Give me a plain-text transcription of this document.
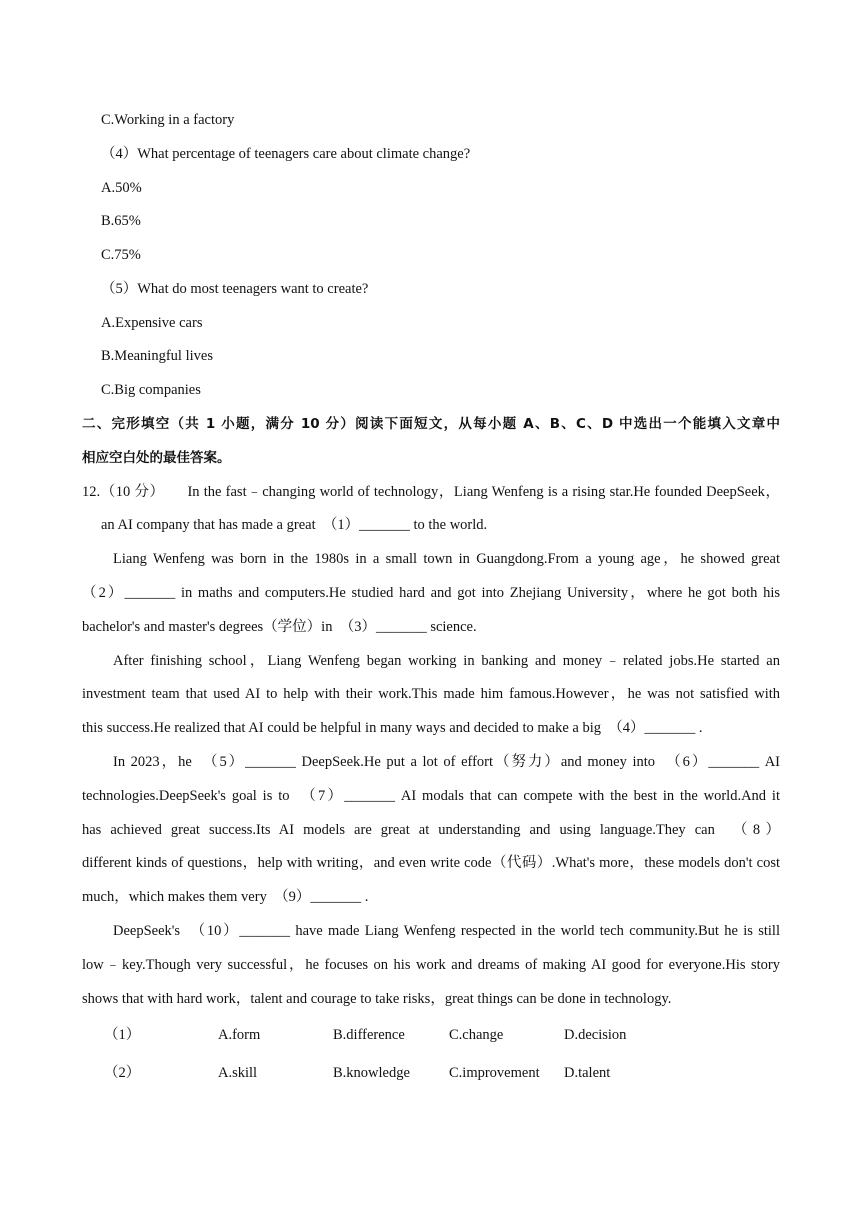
C.Working in a factory
（4）What percentage of teenagers care about climate change?
A.50%
B.65%
C.75%
（5）What do most teenagers want to create?
A.Expensive cars
B.Meaningful lives
C.Big companies
二、完形填空（共 1 小题，满分 10 分）阅读下面短文，从每小题 A、B、C、D 中选出一个能填入文章中
相应空白处的最佳答案。
12.（10 分）　　In the fast﹣changing world of technology，Liang Wenfeng is a rising star.He founded DeepSeek，
an AI company that has made a great　（1）_______ to the world.
Liang Wenfeng was born in the 1980s in a small town in Guangdong.From a young age，he showed great
（2）_______ in maths and computers.He studied hard and got into Zhejiang University，where he got both his
bachelor's and master's degrees（学位）in　（3）_______ science.
After finishing school，Liang Wenfeng began working in banking and money﹣related jobs.He started an
investment team that used AI to help with their work.This made him famous.However，he was not satisfied with
this success.He realized that AI could be helpful in many ways and decided to make a big　（4）_______ .
In 2023，he　（5）_______ DeepSeek.He put a lot of effort（努力）and money into　（6）_______ AI
technologies.DeepSeek's goal is to　（7）_______ AI modals that can compete with the best in the world.And it
has achieved great success.Its AI models are great at understanding and using language.They can　（8）
different kinds of questions，help with writing，and even write code（代码）.What's more，these models don't cost
much，which makes them very　（9）_______ .
DeepSeek's　（10）_______ have made Liang Wenfeng respected in the world tech community.But he is still
low﹣key.Though very successful，he focuses on his work and dreams of making AI good for everyone.His story
shows that with hard work，talent and courage to take risks，great things can be done in technology.
（1）	A.form	B.difference	C.change	D.decision
（2）	A.skill	B.knowledge	C.improvement D.talent
